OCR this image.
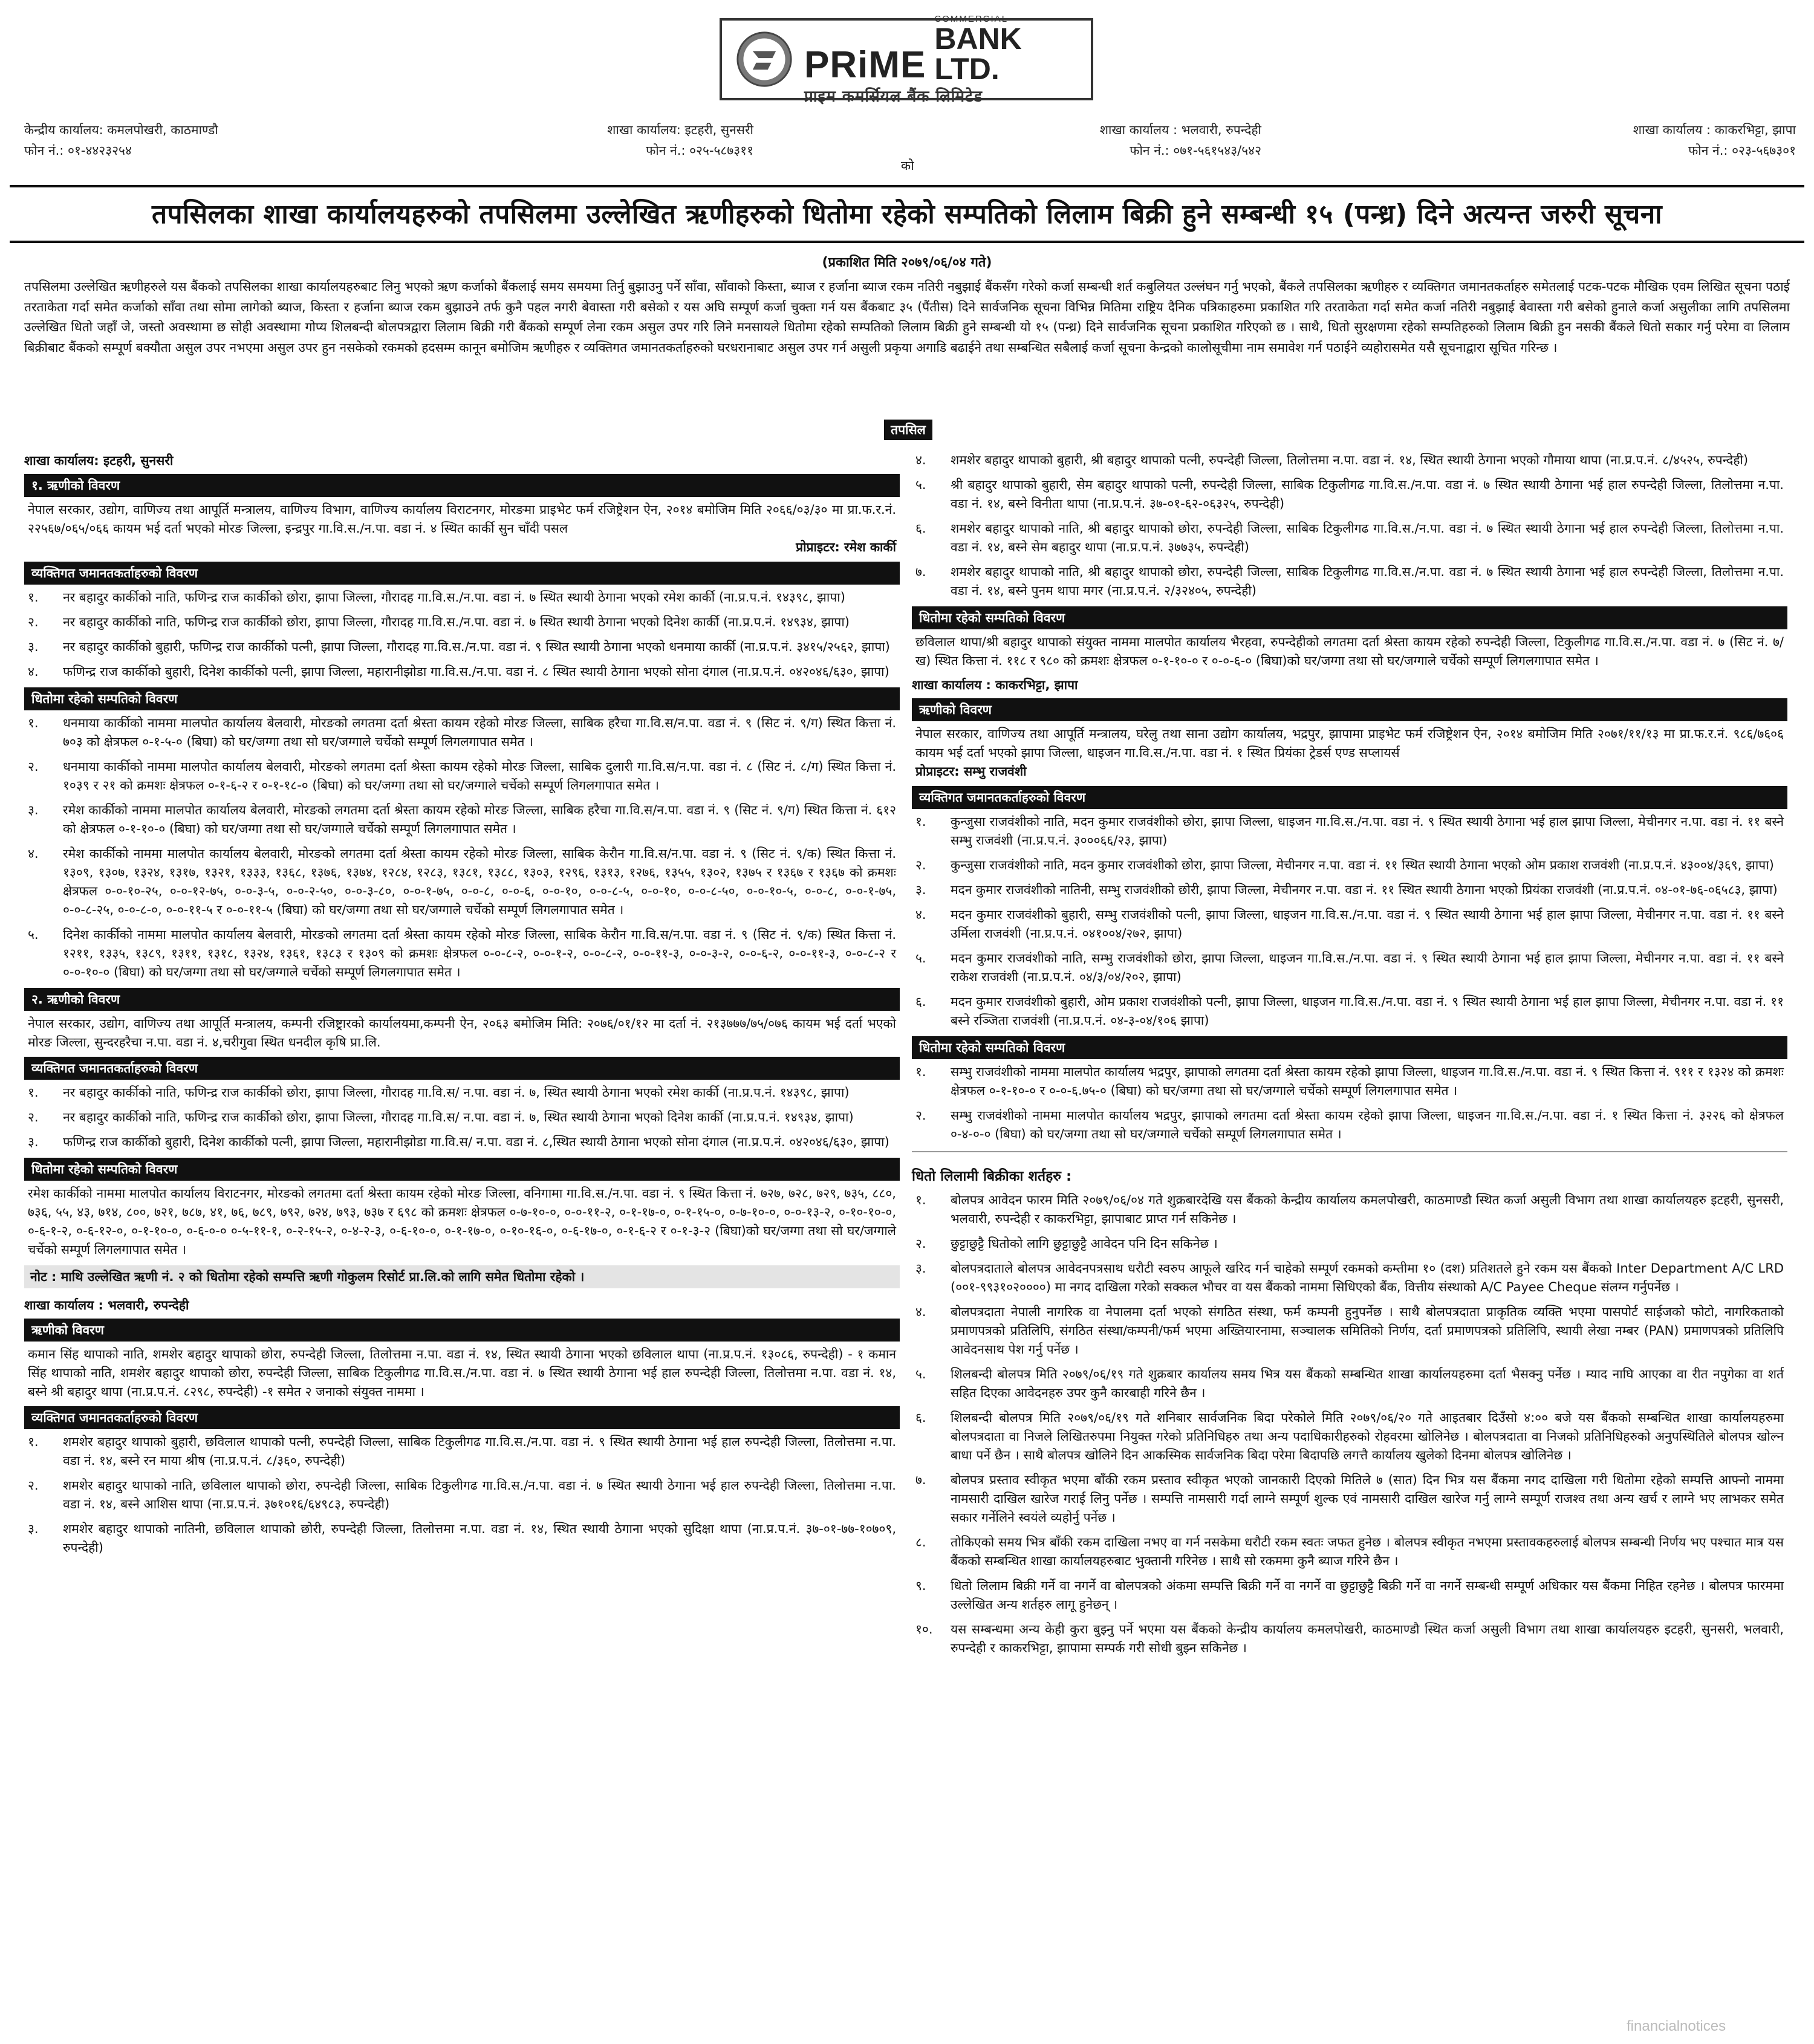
PRiME
COMMERCIAL
BANK LTD.
प्राइम कमर्सियल बैंक लिमिटेड
केन्द्रीय कार्यालय: कमलपोखरी, काठमाण्डौ
फोन नं.: ०१-४४२३२५४
शाखा कार्यालय: इटहरी, सुनसरी
फोन नं.: ०२५-५८७३११
शाखा कार्यालय : भलवारी, रुपन्देही
फोन नं.: ०७१-५६१५४३/५४२
शाखा कार्यालय : काकरभिट्टा, झापा
फोन नं.: ०२३-५६७३०१
को
तपसिलका शाखा कार्यालयहरुको तपसिलमा उल्लेखित ऋणीहरुको धितोमा रहेको सम्पतिको लिलाम बिक्री हुने सम्बन्धी १५ (पन्ध्र) दिने अत्यन्त जरुरी सूचना
(प्रकाशित मिति २०७९/०६/०४ गते)
तपसिलमा उल्लेखित ऋणीहरुले यस बैंकको तपसिलका शाखा कार्यालयहरुबाट लिनु भएको ऋण कर्जाको बैंकलाई समय समयमा तिर्नु बुझाउनु पर्ने साँवा, साँवाको किस्ता, ब्याज र हर्जाना ब्याज रकम नतिरी नबुझाई बैंकसँग गरेको कर्जा सम्बन्धी शर्त कबुलियत उल्लंघन गर्नु भएको, बैंकले तपसिलका ऋणीहरु र व्यक्तिगत जमानतकर्ताहरु समेतलाई पटक-पटक मौखिक एवम लिखित सूचना पठाई तरताकेता गर्दा समेत कर्जाको साँवा तथा सोमा लागेको ब्याज, किस्ता र हर्जाना ब्याज रकम बुझाउने तर्फ कुनै पहल नगरी बेवास्ता गरी बसेको र यस अघि सम्पूर्ण कर्जा चुक्ता गर्न यस बैंकबाट ३५ (पैंतीस) दिने सार्वजनिक सूचना विभिन्न मितिमा राष्ट्रिय दैनिक पत्रिकाहरुमा प्रकाशित गरि तरताकेता गर्दा समेत कर्जा नतिरी नबुझाई बेवास्ता गरी बसेको हुनाले कर्जा असुलीका लागि तपसिलमा उल्लेखित धितो जहाँ जे, जस्तो अवस्थामा छ सोही अवस्थामा गोप्य शिलबन्दी बोलपत्रद्वारा लिलाम बिक्री गरी बैंकको सम्पूर्ण लेना रकम असुल उपर गरि लिने मनसायले धितोमा रहेको सम्पतिको लिलाम बिक्री हुने सम्बन्धी यो १५ (पन्ध्र) दिने सार्वजनिक सूचना प्रकाशित गरिएको छ । साथै, धितो सुरक्षणमा रहेको सम्पतिहरुको लिलाम बिक्री हुन नसकी बैंकले धितो सकार गर्नु परेमा वा लिलाम बिक्रीबाट बैंकको सम्पूर्ण बक्यौता असुल उपर नभएमा असुल उपर हुन नसकेको रकमको हदसम्म कानून बमोजिम ऋणीहरु र व्यक्तिगत जमानतकर्ताहरुको घरधरानाबाट असुल उपर गर्न असुली प्रकृया अगाडि बढाईने तथा सम्बन्धित सबैलाई कर्जा सूचना केन्द्रको कालोसूचीमा नाम समावेश गर्न पठाईने व्यहोरासमेत यसै सूचनाद्वारा सूचित गरिन्छ ।
तपसिल
शाखा कार्यालय: इटहरी, सुनसरी
१. ऋणीको विवरण
नेपाल सरकार, उद्योग, वाणिज्य तथा आपूर्ति मन्त्रालय, वाणिज्य विभाग, वाणिज्य कार्यालय विराटनगर, मोरङमा प्राइभेट फर्म रजिष्ट्रेशन ऐन, २०१४ बमोजिम मिति २०६६/०३/३० मा प्रा.फ.र.नं. २२५६७/०६५/०६६ कायम भई दर्ता भएको मोरङ जिल्ला, इन्द्रपुर गा.वि.स./न.पा. वडा नं. ४ स्थित कार्की सुन चाँदी पसल
प्रोप्राइटर: रमेश कार्की
व्यक्तिगत जमानतकर्ताहरुको विवरण
१.	नर बहादुर कार्कीको नाति, फणिन्द्र राज कार्कीको छोरा, झापा जिल्ला, गौरादह गा.वि.स./न.पा. वडा नं. ७ स्थित स्थायी ठेगाना भएको रमेश कार्की (ना.प्र.प.नं. १४३९८, झापा)
२.	नर बहादुर कार्कीको नाति, फणिन्द्र राज कार्कीको छोरा, झापा जिल्ला, गौरादह गा.वि.स./न.पा. वडा नं. ७ स्थित स्थायी ठेगाना भएको दिनेश कार्की (ना.प्र.प.नं. १४९३४, झापा)
३.	नर बहादुर कार्कीको बुहारी, फणिन्द्र राज कार्कीको पत्नी, झापा जिल्ला, गौरादह गा.वि.स./न.पा. वडा नं. ९ स्थित स्थायी ठेगाना भएको धनमाया कार्की (ना.प्र.प.नं. ३४१५/२५६२, झापा)
४.	फणिन्द्र राज कार्कीको बुहारी, दिनेश कार्कीको पत्नी, झापा जिल्ला, महारानीझोडा गा.वि.स./न.पा. वडा नं. ८ स्थित स्थायी ठेगाना भएको सोना दंगाल (ना.प्र.प.नं. ०४२०४६/६३०, झापा)
धितोमा रहेको सम्पतिको विवरण
१.	धनमाया कार्कीको नाममा मालपोत कार्यालय बेलवारी, मोरङको लगतमा दर्ता श्रेस्ता कायम रहेको मोरङ जिल्ला, साबिक हरैचा गा.वि.स/न.पा. वडा नं. ९ (सिट नं. ९/ग) स्थित कित्ता नं. ७०३ को क्षेत्रफल ०-१-५-० (बिघा) को घर/जग्गा तथा सो घर/जग्गाले चर्चेको सम्पूर्ण लिगलगापात समेत ।
२.	धनमाया कार्कीको नाममा मालपोत कार्यालय बेलवारी, मोरङको लगतमा दर्ता श्रेस्ता कायम रहेको मोरङ जिल्ला, साबिक दुलारी गा.वि.स/न.पा. वडा नं. ८ (सिट नं. ८/ग) स्थित कित्ता नं. १०३९ र २१ को क्रमशः क्षेत्रफल ०-१-६-२ र ०-१-१८-० (बिघा) को घर/जग्गा तथा सो घर/जग्गाले चर्चेको सम्पूर्ण लिगलगापात समेत ।
३.	रमेश कार्कीको नाममा मालपोत कार्यालय बेलवारी, मोरङको लगतमा दर्ता श्रेस्ता कायम रहेको मोरङ जिल्ला, साबिक हरैचा गा.वि.स/न.पा. वडा नं. ९ (सिट नं. ९/ग) स्थित कित्ता नं. ६१२ को क्षेत्रफल ०-१-१०-० (बिघा) को घर/जग्गा तथा सो घर/जग्गाले चर्चेको सम्पूर्ण लिगलगापात समेत ।
४.	रमेश कार्कीको नाममा मालपोत कार्यालय बेलवारी, मोरङको लगतमा दर्ता श्रेस्ता कायम रहेको मोरङ जिल्ला, साबिक केरौन गा.वि.स/न.पा. वडा नं. ९ (सिट नं. ९/क) स्थित कित्ता नं. १३०९, १३०७, १३२४, १३१७, १३२१, १३३३, १३६८, १३७६, १३७४, १२८४, १२८३, १३८१, १३८८, १३०३, १२९६, १३१३, १२७६, १३५५, १३०२, १३७५ र १३६७ र १३६७ को क्रमशः क्षेत्रफल ०-०-१०-२५, ०-०-१२-७५, ०-०-३-५, ०-०-२-५०, ०-०-३-८०, ०-०-१-७५, ०-०-८, ०-०-६, ०-०-१०, ०-०-८-५, ०-०-१०, ०-०-८-५०, ०-०-१०-५, ०-०-८, ०-०-१-७५, ०-०-८-२५, ०-०-८-०, ०-०-११-५ र ०-०-११-५ (बिघा) को घर/जग्गा तथा सो घर/जग्गाले चर्चेको सम्पूर्ण लिगलगापात समेत ।
५.	दिनेश कार्कीको नाममा मालपोत कार्यालय बेलवारी, मोरङको लगतमा दर्ता श्रेस्ता कायम रहेको मोरङ जिल्ला, साबिक केरौन गा.वि.स/न.पा. वडा नं. ९ (सिट नं. ९/क) स्थित कित्ता नं. १२११, १३३५, १३८९, १३११, १३१८, १३२४, १३६१, १३८३ र १३०९ को क्रमशः क्षेत्रफल ०-०-८-२, ०-०-१-२, ०-०-८-२, ०-०-११-३, ०-०-३-२, ०-०-६-२, ०-०-११-३, ०-०-८-२ र ०-०-१०-० (बिघा) को घर/जग्गा तथा सो घर/जग्गाले चर्चेको सम्पूर्ण लिगलगापात समेत ।
२. ऋणीको विवरण
नेपाल सरकार, उद्योग, वाणिज्य तथा आपूर्ति मन्त्रालय, कम्पनी रजिष्ट्रारको कार्यालयमा,कम्पनी ऐन, २०६३ बमोजिम मिति: २०७६/०१/१२ मा दर्ता नं. २१३७७७/७५/०७६ कायम भई दर्ता भएको मोरङ जिल्ला, सुन्दरहरैचा न.पा. वडा नं. ४,चरीगुवा स्थित धनदील कृषि प्रा.लि.
व्यक्तिगत जमानतकर्ताहरुको विवरण
१.	नर बहादुर कार्कीको नाति, फणिन्द्र राज कार्कीको छोरा, झापा जिल्ला, गौरादह गा.वि.स/ न.पा. वडा नं. ७, स्थित स्थायी ठेगाना भएको रमेश कार्की (ना.प्र.प.नं. १४३९८, झापा)
२.	नर बहादुर कार्कीको नाति, फणिन्द्र राज कार्कीको छोरा, झापा जिल्ला, गौरादह गा.वि.स/ न.पा. वडा नं. ७, स्थित स्थायी ठेगाना भएको दिनेश कार्की (ना.प्र.प.नं. १४९३४, झापा)
३.	फणिन्द्र राज कार्कीको बुहारी, दिनेश कार्कीको पत्नी, झापा जिल्ला, महारानीझोडा गा.वि.स/ न.पा. वडा नं. ८,स्थित स्थायी ठेगाना भएको सोना दंगाल (ना.प्र.प.नं. ०४२०४६/६३०, झापा)
धितोमा रहेको सम्पतिको विवरण
रमेश कार्कीको नाममा मालपोत कार्यालय विराटनगर, मोरङको लगतमा दर्ता श्रेस्ता कायम रहेको मोरङ जिल्ला, वनिगामा गा.वि.स./न.पा. वडा नं. ९ स्थित कित्ता नं. ७२७, ७२८, ७२९, ७३५, ८८०, ७३६, ५५, ४३, ७१४, ८००, ७२१, ७८७, ४१, ७६, ७८९, ७९२, ७२४, ७९३, ७३७ र ६९८ को क्रमशः क्षेत्रफल ०-७-१०-०, ०-०-११-२, ०-१-१७-०, ०-१-१५-०, ०-७-१०-०, ०-०-१३-२, ०-१०-१०-०, ०-६-१-२, ०-६-१२-०, ०-१-१०-०, ०-६-०-० ०-५-११-१, ०-२-१५-२, ०-४-२-३, ०-६-१०-०, ०-१-१७-०, ०-१०-१६-०, ०-६-१७-०, ०-१-६-२ र ०-१-३-२ (बिघा)को घर/जग्गा तथा सो घर/जग्गाले चर्चेको सम्पूर्ण लिगलगापात समेत ।
नोट : माथि उल्लेखित ऋणी नं. २ को धितोमा रहेको सम्पत्ति ऋणी गोकुलम रिसोर्ट प्रा.लि.को लागि समेत धितोमा रहेको ।
शाखा कार्यालय : भलवारी, रुपन्देही
ऋणीको विवरण
कमान सिंह थापाको नाति, शमशेर बहादुर थापाको छोरा, रुपन्देही जिल्ला, तिलोत्तमा न.पा. वडा नं. १४, स्थित स्थायी ठेगाना भएको छविलाल थापा (ना.प्र.प.नं. १३०८६, रुपन्देही) - १ कमान सिंह थापाको नाति, शमशेर बहादुर थापाको छोरा, रुपन्देही जिल्ला, साबिक टिकुलीगढ गा.वि.स./न.पा. वडा नं. ७ स्थित स्थायी ठेगाना भई हाल रुपन्देही जिल्ला, तिलोत्तमा न.पा. वडा नं. १४, बस्ने श्री बहादुर थापा (ना.प्र.प.नं. ८२९८, रुपन्देही) -१ समेत २ जनाको संयुक्त नाममा ।
व्यक्तिगत जमानतकर्ताहरुको विवरण
१.	शमशेर बहादुर थापाको बुहारी, छविलाल थापाको पत्नी, रुपन्देही जिल्ला, साबिक टिकुलीगढ गा.वि.स./न.पा. वडा नं. ९ स्थित स्थायी ठेगाना भई हाल रुपन्देही जिल्ला, तिलोत्तमा न.पा. वडा नं. १४, बस्ने रन माया श्रीष (ना.प्र.प.नं. ८/३६०, रुपन्देही)
२.	शमशेर बहादुर थापाको नाति, छविलाल थापाको छोरा, रुपन्देही जिल्ला, साबिक टिकुलीगढ गा.वि.स./न.पा. वडा नं. ७ स्थित स्थायी ठेगाना भई हाल रुपन्देही जिल्ला, तिलोत्तमा न.पा. वडा नं. १४, बस्ने आशिस थापा (ना.प्र.प.नं. ३७१०१६/६४९८३, रुपन्देही)
३.	शमशेर बहादुर थापाको नातिनी, छविलाल थापाको छोरी, रुपन्देही जिल्ला, तिलोत्तमा न.पा. वडा नं. १४, स्थित स्थायी ठेगाना भएको सुदिक्षा थापा (ना.प्र.प.नं. ३७-०१-७७-१०७०९, रुपन्देही)
४.	शमशेर बहादुर थापाको बुहारी, श्री बहादुर थापाको पत्नी, रुपन्देही जिल्ला, तिलोत्तमा न.पा. वडा नं. १४, स्थित स्थायी ठेगाना भएको गौमाया थापा (ना.प्र.प.नं. ८/४५२५, रुपन्देही)
५.	श्री बहादुर थापाको बुहारी, सेम बहादुर थापाको पत्नी, रुपन्देही जिल्ला, साबिक टिकुलीगढ गा.वि.स./न.पा. वडा नं. ७ स्थित स्थायी ठेगाना भई हाल रुपन्देही जिल्ला, तिलोत्तमा न.पा. वडा नं. १४, बस्ने विनीता थापा (ना.प्र.प.नं. ३७-०१-६२-०६३२५, रुपन्देही)
६.	शमशेर बहादुर थापाको नाति, श्री बहादुर थापाको छोरा, रुपन्देही जिल्ला, साबिक टिकुलीगढ गा.वि.स./न.पा. वडा नं. ७ स्थित स्थायी ठेगाना भई हाल रुपन्देही जिल्ला, तिलोत्तमा न.पा. वडा नं. १४, बस्ने सेम बहादुर थापा (ना.प्र.प.नं. ३७७३५, रुपन्देही)
७.	शमशेर बहादुर थापाको नाति, श्री बहादुर थापाको छोरा, रुपन्देही जिल्ला, साबिक टिकुलीगढ गा.वि.स./न.पा. वडा नं. ७ स्थित स्थायी ठेगाना भई हाल रुपन्देही जिल्ला, तिलोत्तमा न.पा. वडा नं. १४, बस्ने पुनम थापा मगर (ना.प्र.प.नं. २/३२४०५, रुपन्देही)
धितोमा रहेको सम्पतिको विवरण
छविलाल थापा/श्री बहादुर थापाको संयुक्त नाममा मालपोत कार्यालय भैरहवा, रुपन्देहीको लगतमा दर्ता श्रेस्ता कायम रहेको रुपन्देही जिल्ला, टिकुलीगढ गा.वि.स./न.पा. वडा नं. ७ (सिट नं. ७/ख) स्थित कित्ता नं. ११८ र ९८० को क्रमशः क्षेत्रफल ०-१-१०-० र ०-०-६-० (बिघा)को घर/जग्गा तथा सो घर/जग्गाले चर्चेको सम्पूर्ण लिगलगापात समेत ।
शाखा कार्यालय : काकरभिट्टा, झापा
ऋणीको विवरण
नेपाल सरकार, वाणिज्य तथा आपूर्ति मन्त्रालय, घरेलु तथा साना उद्योग कार्यालय, भद्रपुर, झापामा प्राइभेट फर्म रजिष्ट्रेशन ऐन, २०१४ बमोजिम मिति २०७१/११/१३ मा प्रा.फ.र.नं. ९८६/७६०६ कायम भई दर्ता भएको झापा जिल्ला, धाइजन गा.वि.स./न.पा. वडा नं. १ स्थित प्रियंका ट्रेडर्स एण्ड सप्लायर्स
प्रोप्राइटर: सम्भु राजवंशी
व्यक्तिगत जमानतकर्ताहरुको विवरण
१.	कुन्जुसा राजवंशीको नाति, मदन कुमार राजवंशीको छोरा, झापा जिल्ला, धाइजन गा.वि.स./न.पा. वडा नं. ९ स्थित स्थायी ठेगाना भई हाल झापा जिल्ला, मेचीनगर न.पा. वडा नं. ११ बस्ने सम्भु राजवंशी (ना.प्र.प.नं. ३०००६६/२३, झापा)
२.	कुन्जुसा राजवंशीको नाति, मदन कुमार राजवंशीको छोरा, झापा जिल्ला, मेचीनगर न.पा. वडा नं. ११ स्थित स्थायी ठेगाना भएको ओम प्रकाश राजवंशी (ना.प्र.प.नं. ४३००४/३६९, झापा)
३.	मदन कुमार राजवंशीको नातिनी, सम्भु राजवंशीको छोरी, झापा जिल्ला, मेचीनगर न.पा. वडा नं. ११ स्थित स्थायी ठेगाना भएको प्रियंका राजवंशी (ना.प्र.प.नं. ०४-०१-७६-०६५८३, झापा)
४.	मदन कुमार राजवंशीको बुहारी, सम्भु राजवंशीको पत्नी, झापा जिल्ला, धाइजन गा.वि.स./न.पा. वडा नं. ९ स्थित स्थायी ठेगाना भई हाल झापा जिल्ला, मेचीनगर न.पा. वडा नं. ११ बस्ने उर्मिला राजवंशी (ना.प्र.प.नं. ०४१००४/२७२, झापा)
५.	मदन कुमार राजवंशीको नाति, सम्भु राजवंशीको छोरा, झापा जिल्ला, धाइजन गा.वि.स./न.पा. वडा नं. ९ स्थित स्थायी ठेगाना भई हाल झापा जिल्ला, मेचीनगर न.पा. वडा नं. ११ बस्ने राकेश राजवंशी (ना.प्र.प.नं. ०४/३/०४/२०२, झापा)
६.	मदन कुमार राजवंशीको बुहारी, ओम प्रकाश राजवंशीको पत्नी, झापा जिल्ला, धाइजन गा.वि.स./न.पा. वडा नं. ९ स्थित स्थायी ठेगाना भई हाल झापा जिल्ला, मेचीनगर न.पा. वडा नं. ११ बस्ने रञ्जिता राजवंशी (ना.प्र.प.नं. ०४-३-०४/१०६ झापा)
धितोमा रहेको सम्पतिको विवरण
१.	सम्भु राजवंशीको नाममा मालपोत कार्यालय भद्रपुर, झापाको लगतमा दर्ता श्रेस्ता कायम रहेको झापा जिल्ला, धाइजन गा.वि.स./न.पा. वडा नं. ९ स्थित कित्ता नं. ९११ र १३२४ को क्रमशः क्षेत्रफल ०-१-१०-० र ०-०-६.७५-० (बिघा) को घर/जग्गा तथा सो घर/जग्गाले चर्चेको सम्पूर्ण लिगलगापात समेत ।
२.	सम्भु राजवंशीको नाममा मालपोत कार्यालय भद्रपुर, झापाको लगतमा दर्ता श्रेस्ता कायम रहेको झापा जिल्ला, धाइजन गा.वि.स./न.पा. वडा नं. १ स्थित कित्ता नं. ३२२६ को क्षेत्रफल ०-४-०-० (बिघा) को घर/जग्गा तथा सो घर/जग्गाले चर्चेको सम्पूर्ण लिगलगापात समेत ।
धितो लिलामी बिक्रीका शर्तहरु :
१.	बोलपत्र आवेदन फारम मिति २०७९/०६/०४ गते शुक्रबारदेखि यस बैंकको केन्द्रीय कार्यालय कमलपोखरी, काठमाण्डौ स्थित कर्जा असुली विभाग तथा शाखा कार्यालयहरु इटहरी, सुनसरी, भलवारी, रुपन्देही र काकरभिट्टा, झापाबाट प्राप्त गर्न सकिनेछ ।
२.	छुट्टाछुट्टै धितोको लागि छुट्टाछुट्टै आवेदन पनि दिन सकिनेछ ।
३.	बोलपत्रदाताले बोलपत्र आवेदनपत्रसाथ धरौटी स्वरुप आफूले खरिद गर्न चाहेको सम्पूर्ण रकमको कम्तीमा १० (दश) प्रतिशतले हुने रकम यस बैंकको Inter Department A/C LRD (००१-९९३१०२००००) मा नगद दाखिला गरेको सक्कल भौचर वा यस बैंकको नाममा सिधिएको बैंक, वित्तीय संस्थाको A/C Payee Cheque संलग्न गर्नुपर्नेछ ।
४.	बोलपत्रदाता नेपाली नागरिक वा नेपालमा दर्ता भएको संगठित संस्था, फर्म कम्पनी हुनुपर्नेछ । साथै बोलपत्रदाता प्राकृतिक व्यक्ति भएमा पासपोर्ट साईजको फोटो, नागरिकताको प्रमाणपत्रको प्रतिलिपि, संगठित संस्था/कम्पनी/फर्म भएमा अख्तियारनामा, सञ्चालक समितिको निर्णय, दर्ता प्रमाणपत्रको प्रतिलिपि, स्थायी लेखा नम्बर (PAN) प्रमाणपत्रको प्रतिलिपि आवेदनसाथ पेश गर्नु पर्नेछ ।
५.	शिलबन्दी बोलपत्र मिति २०७९/०६/१९ गते शुक्रबार कार्यालय समय भित्र यस बैंकको सम्बन्धित शाखा कार्यालयहरुमा दर्ता भैसक्नु पर्नेछ । म्याद नाघि आएका वा रीत नपुगेका वा शर्त सहित दिएका आवेदनहरु उपर कुनै कारबाही गरिने छैन ।
६.	शिलबन्दी बोलपत्र मिति २०७९/०६/१९ गते शनिबार सार्वजनिक बिदा परेकोले मिति २०७९/०६/२० गते आइतबार दिउँसो ४:०० बजे यस बैंकको सम्बन्धित शाखा कार्यालयहरुमा बोलपत्रदाता वा निजले लिखितरुपमा नियुक्त गरेको प्रतिनिधिहरु तथा अन्य पदाधिकारीहरुको रोहवरमा खोलिनेछ । बोलपत्रदाता वा निजको प्रतिनिधिहरुको अनुपस्थितिले बोलपत्र खोल्न बाधा पर्ने छैन । साथै बोलपत्र खोलिने दिन आकस्मिक सार्वजनिक बिदा परेमा बिदापछि लगत्तै कार्यालय खुलेको दिनमा बोलपत्र खोलिनेछ ।
७.	बोलपत्र प्रस्ताव स्वीकृत भएमा बाँकी रकम प्रस्ताव स्वीकृत भएको जानकारी दिएको मितिले ७ (सात) दिन भित्र यस बैंकमा नगद दाखिला गरी धितोमा रहेको सम्पत्ति आफ्नो नाममा नामसारी दाखिल खारेज गराई लिनु पर्नेछ । सम्पत्ति नामसारी गर्दा लाग्ने सम्पूर्ण शुल्क एवं नामसारी दाखिल खारेज गर्नु लाग्ने सम्पूर्ण राजश्व तथा अन्य खर्च र लाग्ने भए लाभकर समेत सकार गर्नेलिने स्वयंले व्यहोर्नु पर्नेछ ।
८.	तोकिएको समय भित्र बाँकी रकम दाखिला नभए वा गर्न नसकेमा धरौटी रकम स्वतः जफत हुनेछ । बोलपत्र स्वीकृत नभएमा प्रस्तावकहरुलाई बोलपत्र सम्बन्धी निर्णय भए पश्चात मात्र यस बैंकको सम्बन्धित शाखा कार्यालयहरुबाट भुक्तानी गरिनेछ । साथै सो रकममा कुनै ब्याज गरिने छैन ।
९.	धितो लिलाम बिक्री गर्ने वा नगर्ने वा बोलपत्रको अंकमा सम्पत्ति बिक्री गर्ने वा नगर्ने वा छुट्टाछुट्टै बिक्री गर्ने वा नगर्ने सम्बन्धी सम्पूर्ण अधिकार यस बैंकमा निहित रहनेछ । बोलपत्र फारममा उल्लेखित अन्य शर्तहरु लागू हुनेछन् ।
१०.	यस सम्बन्धमा अन्य केही कुरा बुझ्नु पर्ने भएमा यस बैंकको केन्द्रीय कार्यालय कमलपोखरी, काठमाण्डौ स्थित कर्जा असुली विभाग तथा शाखा कार्यालयहरु इटहरी, सुनसरी, भलवारी, रुपन्देही र काकरभिट्टा, झापामा सम्पर्क गरी सोधी बुझ्न सकिनेछ ।
financialnotices
